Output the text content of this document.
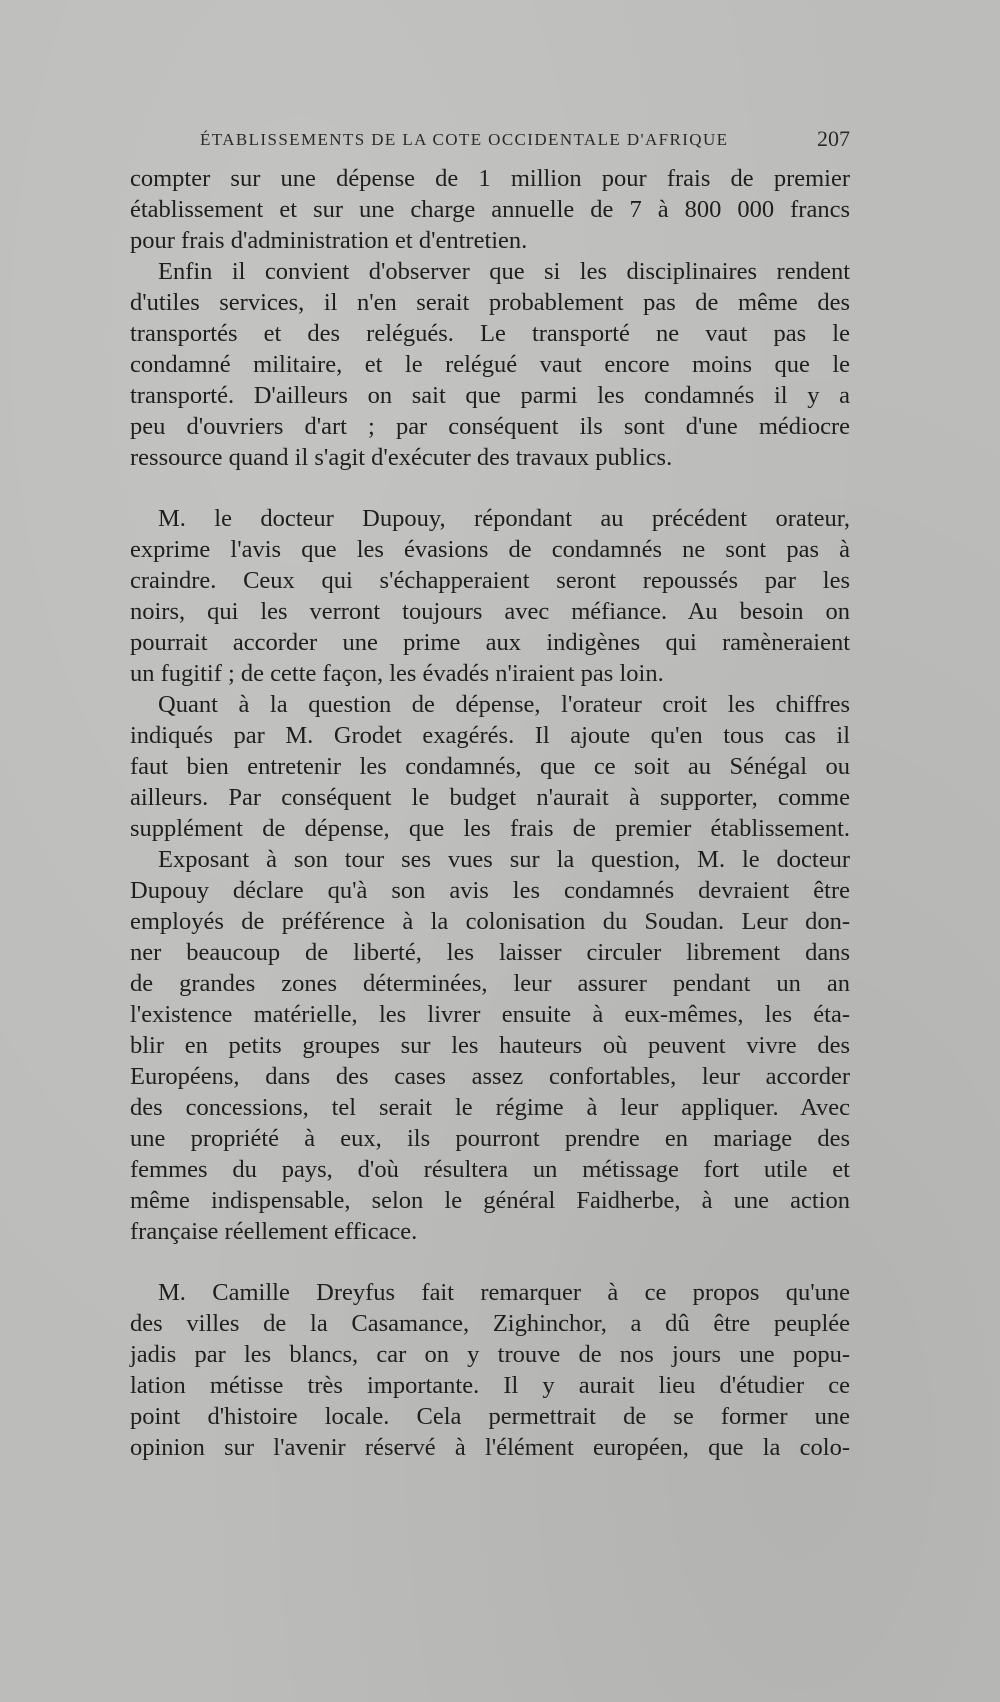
ÉTABLISSEMENTS DE LA COTE OCCIDENTALE D'AFRIQUE	207
compter sur une dépense de 1 million pour frais de premier
établissement et sur une charge annuelle de 7 à 800 000 francs
pour frais d'administration et d'entretien.
Enfin il convient d'observer que si les disciplinaires rendent
d'utiles services, il n'en serait probablement pas de même des
transportés et des relégués. Le transporté ne vaut pas le
condamné militaire, et le relégué vaut encore moins que le
transporté. D'ailleurs on sait que parmi les condamnés il y a
peu d'ouvriers d'art ; par conséquent ils sont d'une médiocre
ressource quand il s'agit d'exécuter des travaux publics.
M. le docteur Dupouy, répondant au précédent orateur,
exprime l'avis que les évasions de condamnés ne sont pas à
craindre. Ceux qui s'échapperaient seront repoussés par les
noirs, qui les verront toujours avec méfiance. Au besoin on
pourrait accorder une prime aux indigènes qui ramèneraient
un fugitif ; de cette façon, les évadés n'iraient pas loin.
Quant à la question de dépense, l'orateur croit les chiffres
indiqués par M. Grodet exagérés. Il ajoute qu'en tous cas il
faut bien entretenir les condamnés, que ce soit au Sénégal ou
ailleurs. Par conséquent le budget n'aurait à supporter, comme
supplément de dépense, que les frais de premier établissement.
Exposant à son tour ses vues sur la question, M. le docteur
Dupouy déclare qu'à son avis les condamnés devraient être
employés de préférence à la colonisation du Soudan. Leur don-
ner beaucoup de liberté, les laisser circuler librement dans
de grandes zones déterminées, leur assurer pendant un an
l'existence matérielle, les livrer ensuite à eux-mêmes, les éta-
blir en petits groupes sur les hauteurs où peuvent vivre des
Européens, dans des cases assez confortables, leur accorder
des concessions, tel serait le régime à leur appliquer. Avec
une propriété à eux, ils pourront prendre en mariage des
femmes du pays, d'où résultera un métissage fort utile et
même indispensable, selon le général Faidherbe, à une action
française réellement efficace.
M. Camille Dreyfus fait remarquer à ce propos qu'une
des villes de la Casamance, Zighinchor, a dû être peuplée
jadis par les blancs, car on y trouve de nos jours une popu-
lation métisse très importante. Il y aurait lieu d'étudier ce
point d'histoire locale. Cela permettrait de se former une
opinion sur l'avenir réservé à l'élément européen, que la colo-
